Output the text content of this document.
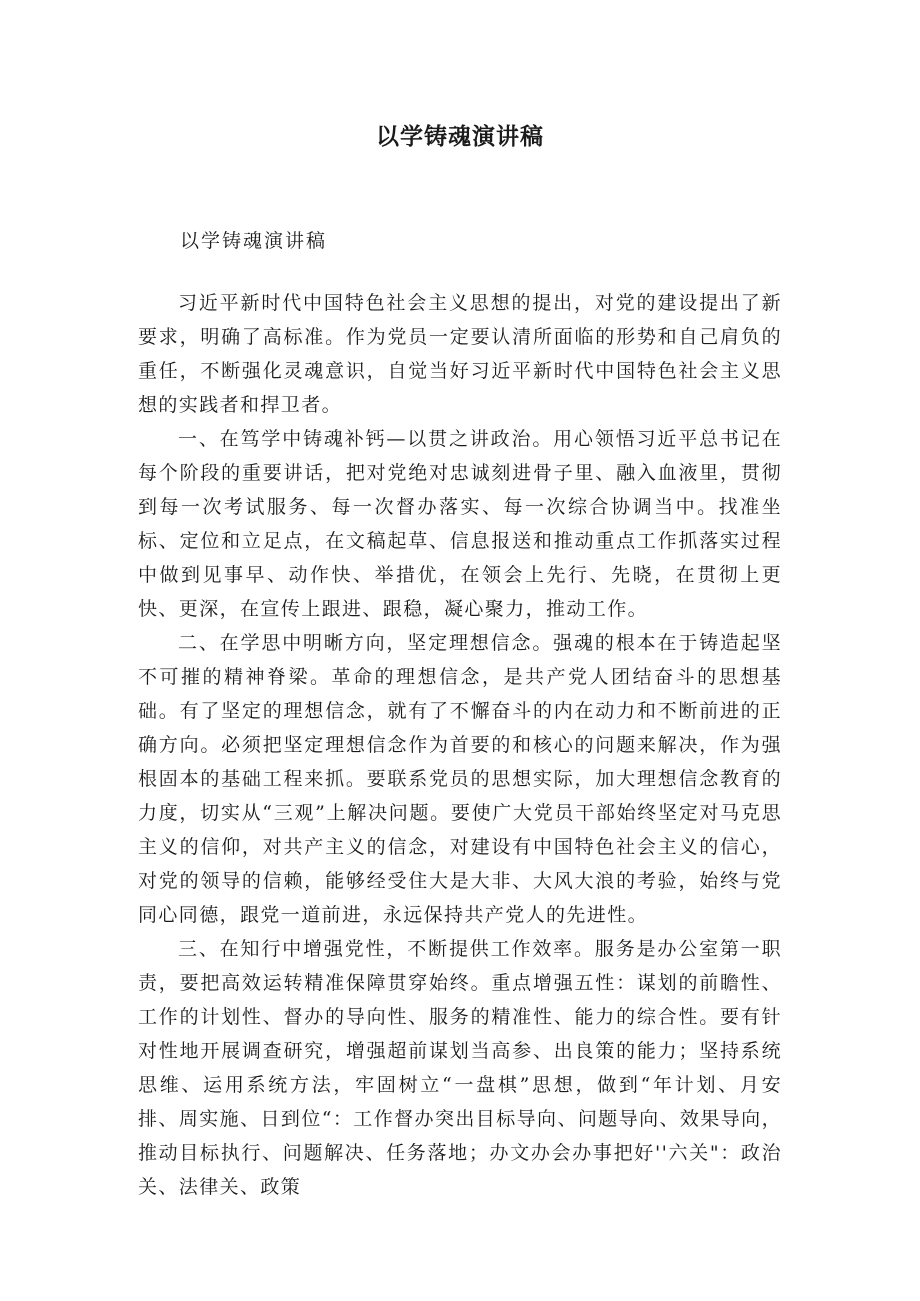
以学铸魂演讲稿
以学铸魂演讲稿

习近平新时代中国特色社会主义思想的提出，对党的建设提出了新要求，明确了高标准。作为党员一定要认清所面临的形势和自己肩负的重任，不断强化灵魂意识，自觉当好习近平新时代中国特色社会主义思想的实践者和捍卫者。

一、在笃学中铸魂补钙—以贯之讲政治。用心领悟习近平总书记在每个阶段的重要讲话，把对党绝对忠诚刻进骨子里、融入血液里，贯彻到每一次考试服务、每一次督办落实、每一次综合协调当中。找准坐标、定位和立足点，在文稿起草、信息报送和推动重点工作抓落实过程中做到见事早、动作快、举措优，在领会上先行、先晓，在贯彻上更快、更深，在宣传上跟进、跟稳，凝心聚力，推动工作。

二、在学思中明晰方向，坚定理想信念。强魂的根本在于铸造起坚不可摧的精神脊梁。革命的理想信念，是共产党人团结奋斗的思想基础。有了坚定的理想信念，就有了不懈奋斗的内在动力和不断前进的正确方向。必须把坚定理想信念作为首要的和核心的问题来解决，作为强根固本的基础工程来抓。要联系党员的思想实际，加大理想信念教育的力度，切实从“三观”上解决问题。要使广大党员干部始终坚定对马克思主义的信仰，对共产主义的信念，对建设有中国特色社会主义的信心，对党的领导的信赖，能够经受住大是大非、大风大浪的考验，始终与党同心同德，跟党一道前进，永远保持共产党人的先进性。

三、在知行中增强党性，不断提供工作效率。服务是办公室第一职责，要把高效运转精准保障贯穿始终。重点增强五性：谋划的前瞻性、工作的计划性、督办的导向性、服务的精准性、能力的综合性。要有针对性地开展调查研究，增强超前谋划当高参、出良策的能力；坚持系统思维、运用系统方法，牢固树立“一盘棋”思想，做到“年计划、月安排、周实施、日到位“：工作督办突出目标导向、问题导向、效果导向，推动目标执行、问题解决、任务落地；办文办会办事把好''六关"：政治关、法律关、政策
